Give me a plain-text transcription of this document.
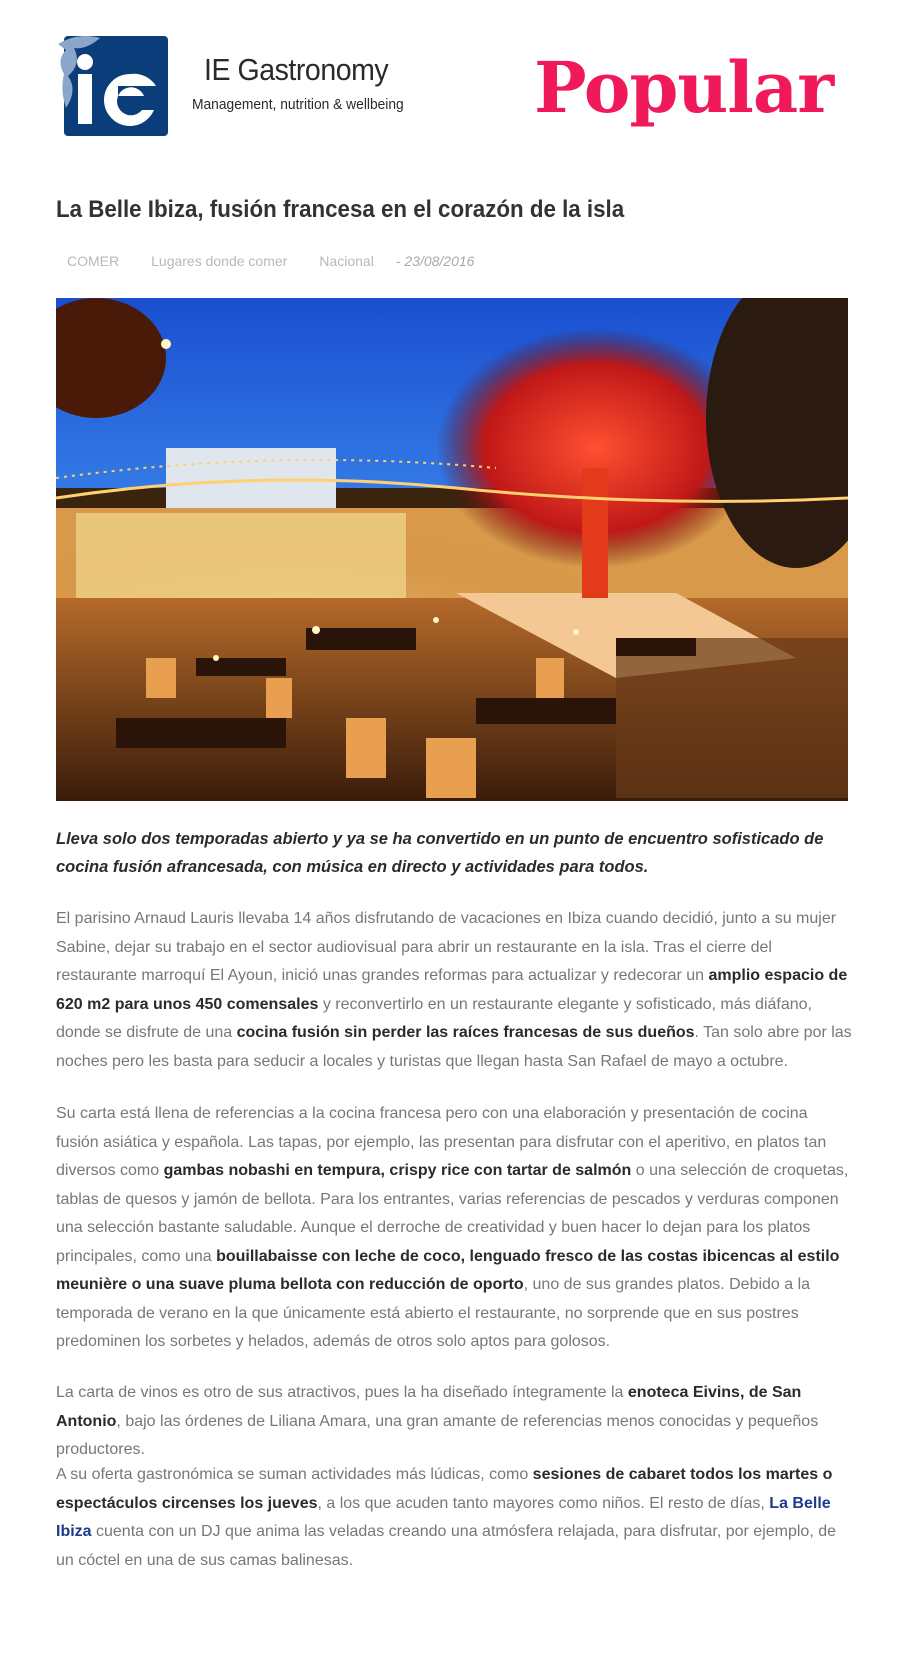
IE Gastronomy
Management, nutrition & wellbeing Popular
La Belle Ibiza, fusión francesa en el corazón de la isla
COMER Lugares donde comer Nacional - 23/08/2016

Lleva solo dos temporadas abierto y ya se ha convertido en un punto de encuentro sofisticado de cocina fusión afrancesada, con música en directo y actividades para todos.

El parisino Arnaud Lauris llevaba 14 años disfrutando de vacaciones en Ibiza cuando decidió, junto a su mujer Sabine, dejar su trabajo en el sector audiovisual para abrir un restaurante en la isla. Tras el cierre del restaurante marroquí El Ayoun, inició unas grandes reformas para actualizar y redecorar un amplio espacio de 620 m2 para unos 450 comensales y reconvertirlo en un restaurante elegante y sofisticado, más diáfano, donde se disfrute de una cocina fusión sin perder las raíces francesas de sus dueños. Tan solo abre por las noches pero les basta para seducir a locales y turistas que llegan hasta San Rafael de mayo a octubre.

Su carta está llena de referencias a la cocina francesa pero con una elaboración y presentación de cocina fusión asiática y española. Las tapas, por ejemplo, las presentan para disfrutar con el aperitivo, en platos tan diversos como gambas nobashi en tempura, crispy rice con tartar de salmón o una selección de croquetas, tablas de quesos y jamón de bellota. Para los entrantes, varias referencias de pescados y verduras componen una selección bastante saludable. Aunque el derroche de creatividad y buen hacer lo dejan para los platos principales, como una bouillabaisse con leche de coco, lenguado fresco de las costas ibicencas al estilo meunière o una suave pluma bellota con reducción de oporto, uno de sus grandes platos. Debido a la temporada de verano en la que únicamente está abierto el restaurante, no sorprende que en sus postres predominen los sorbetes y helados, además de otros solo aptos para golosos.

La carta de vinos es otro de sus atractivos, pues la ha diseñado íntegramente la enoteca Eivins, de San Antonio, bajo las órdenes de Liliana Amara, una gran amante de referencias menos conocidas y pequeños productores.

A su oferta gastronómica se suman actividades más lúdicas, como sesiones de cabaret todos los martes o espectáculos circenses los jueves, a los que acuden tanto mayores como niños. El resto de días, La Belle Ibiza cuenta con un DJ que anima las veladas creando una atmósfera relajada, para disfrutar, por ejemplo, de un cóctel en una de sus camas balinesas.
